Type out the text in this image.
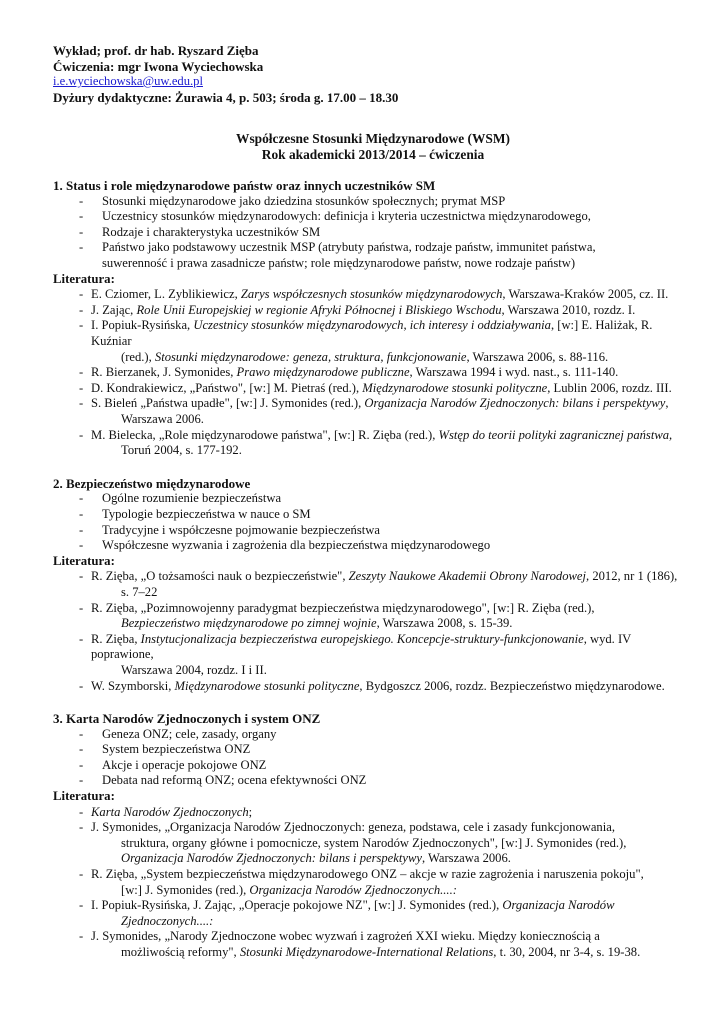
Wykład; prof. dr hab. Ryszard Zięba
Ćwiczenia: mgr Iwona Wyciechowska
i.e.wyciechowska@uw.edu.pl
Dyżury dydaktyczne: Żurawia 4, p. 503; środa g. 17.00 – 18.30
Współczesne Stosunki Międzynarodowe (WSM)
Rok akademicki 2013/2014 – ćwiczenia
1. Status i role międzynarodowe państw oraz innych uczestników SM
- Stosunki międzynarodowe jako dziedzina stosunków społecznych; prymat MSP
- Uczestnicy stosunków międzynarodowych: definicja i kryteria uczestnictwa międzynarodowego,
- Rodzaje i charakterystyka uczestników SM
- Państwo jako podstawowy uczestnik MSP (atrybuty państwa, rodzaje państw, immunitet państwa,
suwerenność i prawa zasadnicze państw; role międzynarodowe państw, nowe rodzaje państw)
Literatura:
- E. Cziomer, L. Zyblikiewicz, Zarys współczesnych stosunków międzynarodowych, Warszawa-Kraków 2005, cz. II.
- J. Zając, Role Unii Europejskiej w regionie Afryki Północnej i Bliskiego Wschodu, Warszawa 2010, rozdz. I.
- I. Popiuk-Rysińska, Uczestnicy stosunków międzynarodowych, ich interesy i oddziaływania, [w:] E. Haliżak, R. Kuźniar
(red.), Stosunki międzynarodowe: geneza, struktura, funkcjonowanie, Warszawa 2006, s. 88-116.
- R. Bierzanek, J. Symonides, Prawo międzynarodowe publiczne, Warszawa 1994 i wyd. nast., s. 111-140.
- D. Kondrakiewicz, „Państwo", [w:] M. Pietraś (red.), Międzynarodowe stosunki polityczne, Lublin 2006, rozdz. III.
- S. Bieleń „Państwa upadłe", [w:] J. Symonides (red.), Organizacja Narodów Zjednoczonych: bilans i perspektywy,
Warszawa 2006.
- M. Bielecka, „Role międzynarodowe państwa", [w:] R. Zięba (red.), Wstęp do teorii polityki zagranicznej państwa,
Toruń 2004, s. 177-192.
2. Bezpieczeństwo międzynarodowe
- Ogólne rozumienie bezpieczeństwa
- Typologie bezpieczeństwa w nauce o SM
- Tradycyjne i współczesne pojmowanie bezpieczeństwa
- Współczesne wyzwania i zagrożenia dla bezpieczeństwa międzynarodowego
Literatura:
- R. Zięba, „O tożsamości nauk o bezpieczeństwie", Zeszyty Naukowe Akademii Obrony Narodowej, 2012, nr 1 (186),
s. 7–22
- R. Zięba, „Pozimnowojenny paradygmat bezpieczeństwa międzynarodowego", [w:] R. Zięba (red.),
Bezpieczeństwo międzynarodowe po zimnej wojnie, Warszawa 2008, s. 15-39.
- R. Zięba, Instytucjonalizacja bezpieczeństwa europejskiego. Koncepcje-struktury-funkcjonowanie, wyd. IV poprawione,
Warszawa 2004, rozdz. I i II.
- W. Szymborski, Międzynarodowe stosunki polityczne, Bydgoszcz 2006, rozdz. Bezpieczeństwo międzynarodowe.
3. Karta Narodów Zjednoczonych i system ONZ
- Geneza ONZ; cele, zasady, organy
- System bezpieczeństwa ONZ
- Akcje i operacje pokojowe ONZ
- Debata nad reformą ONZ; ocena efektywności ONZ
Literatura:
- Karta Narodów Zjednoczonych;
- J. Symonides, „Organizacja Narodów Zjednoczonych: geneza, podstawa, cele i zasady funkcjonowania,
struktura, organy główne i pomocnicze, system Narodów Zjednoczonych", [w:] J. Symonides (red.),
Organizacja Narodów Zjednoczonych: bilans i perspektywy, Warszawa 2006.
- R. Zięba, „System bezpieczeństwa międzynarodowego ONZ – akcje w razie zagrożenia i naruszenia pokoju",
[w:] J. Symonides (red.), Organizacja Narodów Zjednoczonych....:
- I. Popiuk-Rysińska, J. Zając, „Operacje pokojowe NZ", [w:] J. Symonides (red.), Organizacja Narodów
Zjednoczonych....:
- J. Symonides, „Narody Zjednoczone wobec wyzwań i zagrożeń XXI wieku. Między koniecznością a
możliwością reformy", Stosunki Międzynarodowe-International Relations, t. 30, 2004, nr 3-4, s. 19-38.
